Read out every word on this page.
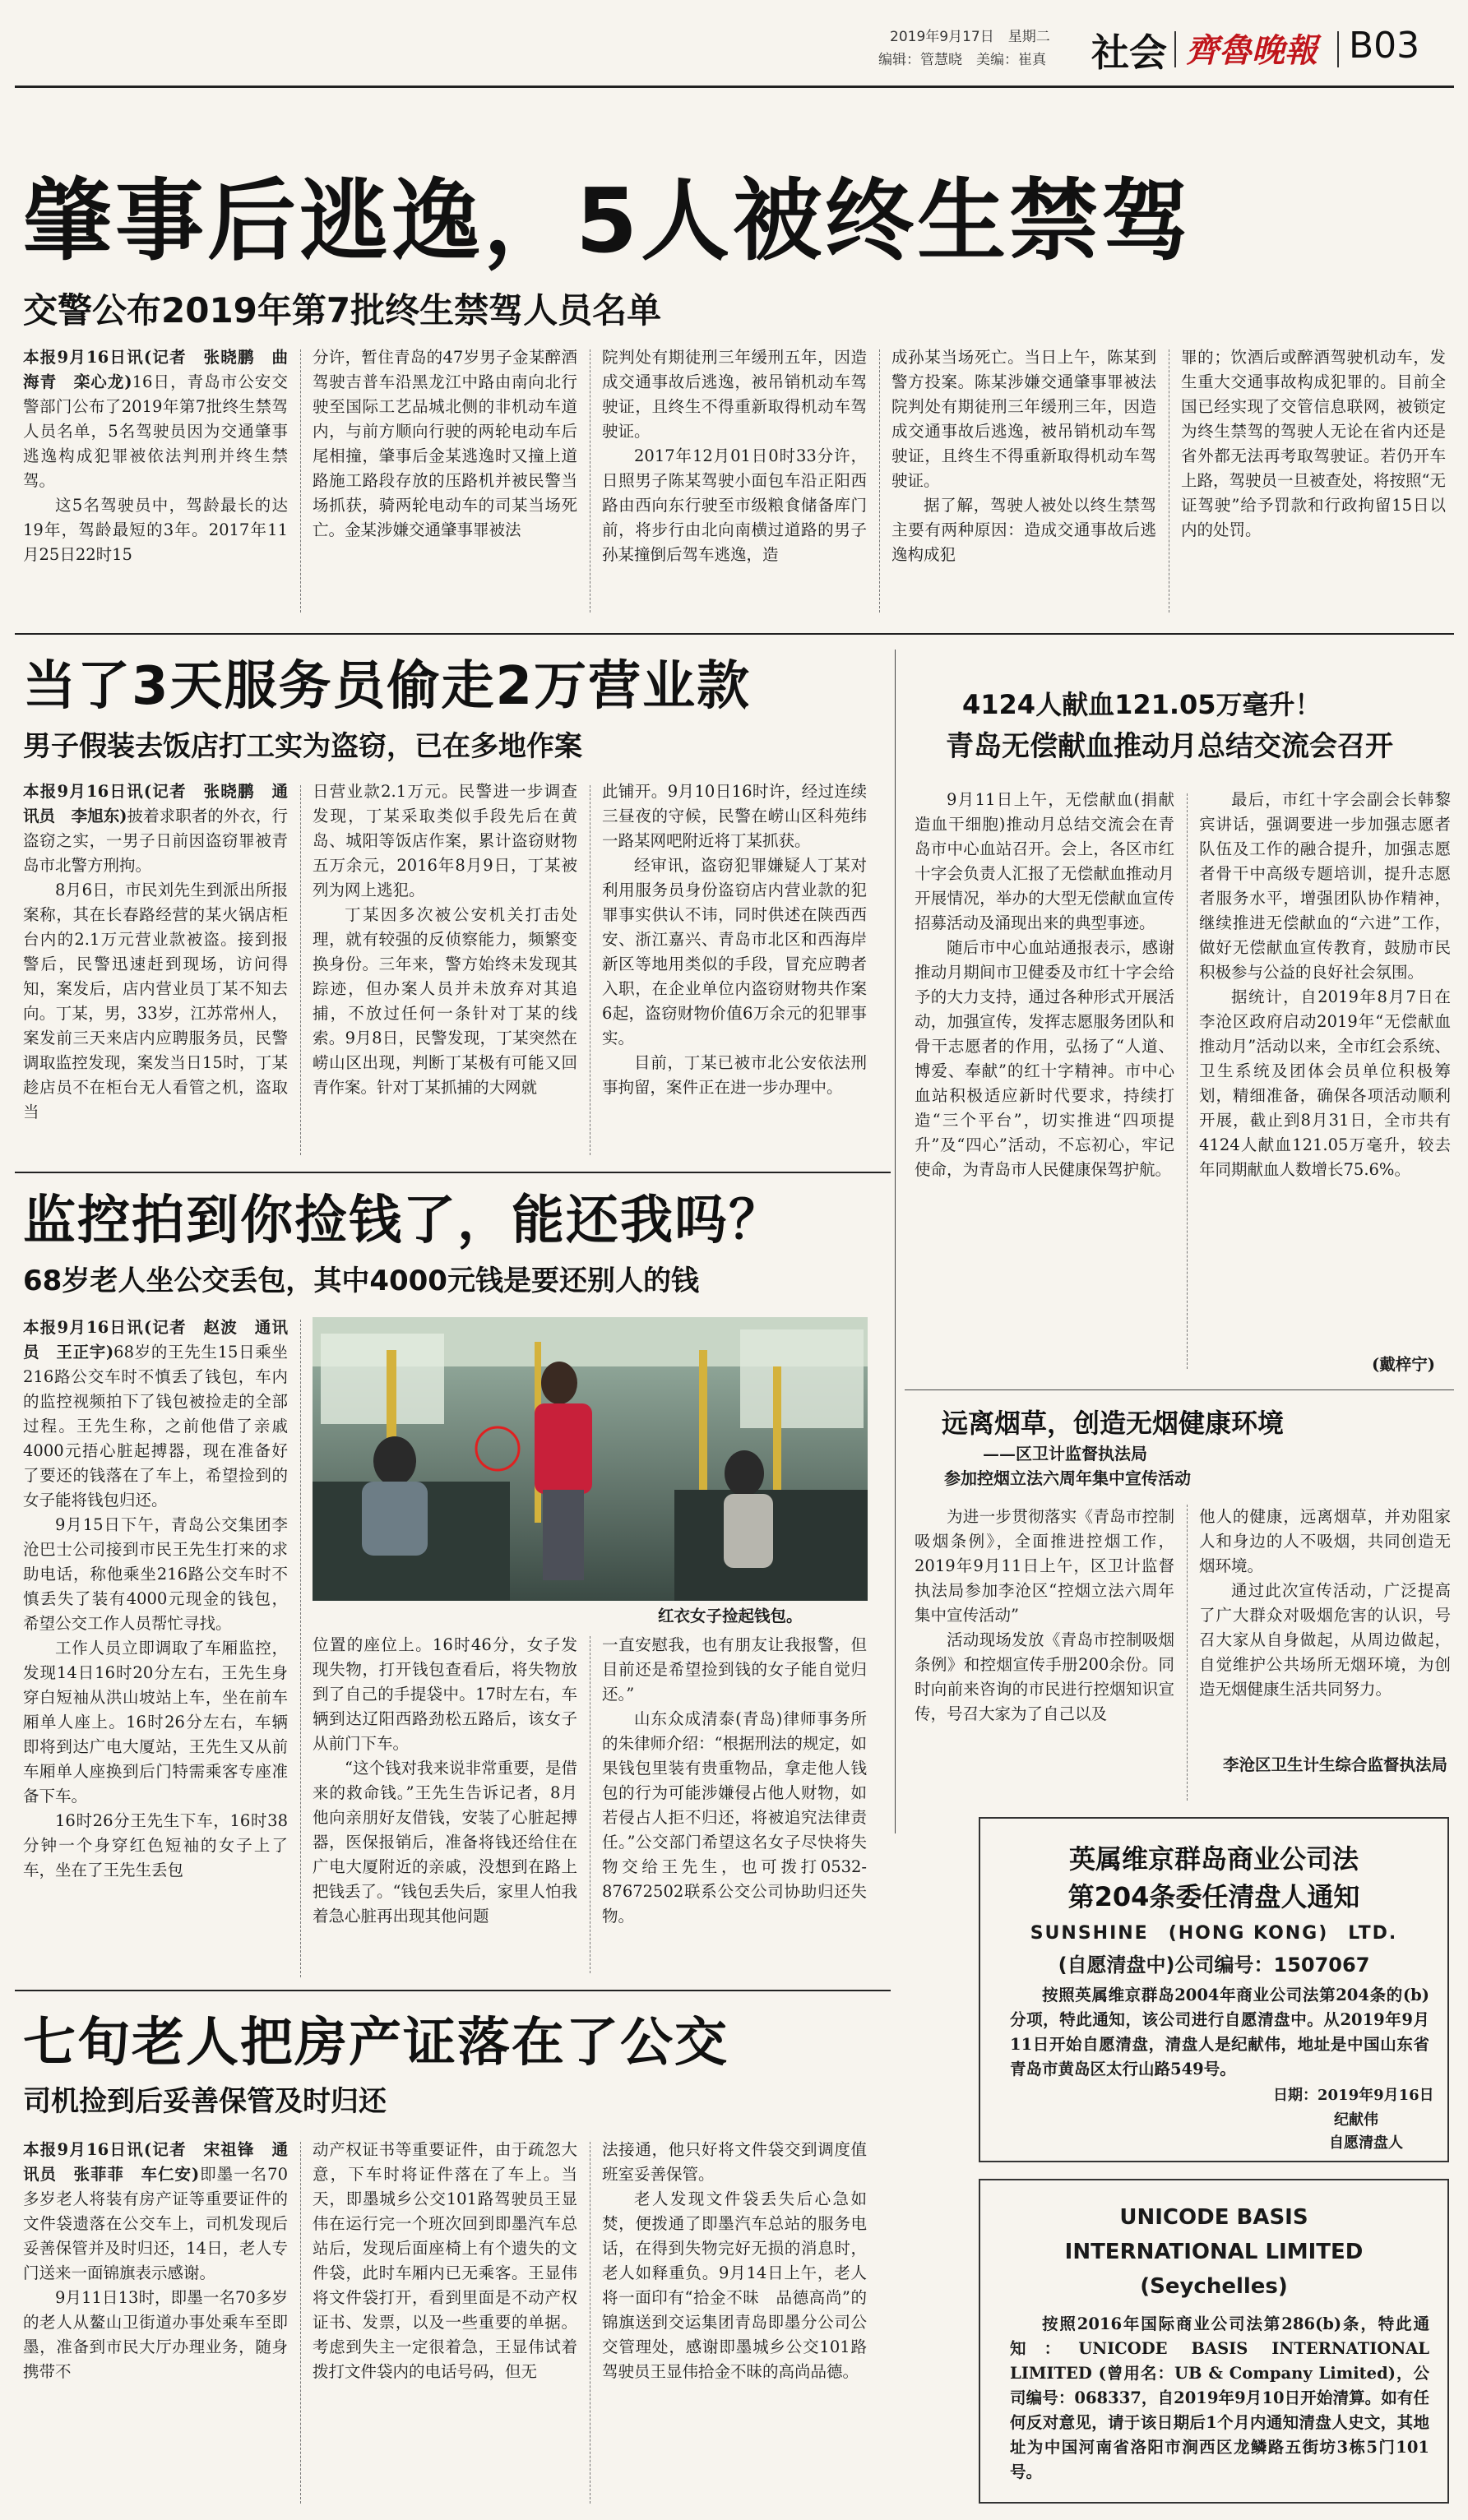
2019年9月17日　星期二
编辑：管慧晓　美编：崔真 社会 齊魯晚報 B03
肇事后逃逸，5人被终生禁驾
交警公布2019年第7批终生禁驾人员名单

本报9月16日讯(记者　张晓鹏　曲海青　栾心龙)16日，青岛市公安交警部门公布了2019年第7批终生禁驾人员名单，5名驾驶员因为交通肇事逃逸构成犯罪被依法判刑并终生禁驾。

这5名驾驶员中，驾龄最长的达19年，驾龄最短的3年。2017年11月25日22时15

分许，暂住青岛的47岁男子金某醉酒驾驶吉普车沿黑龙江中路由南向北行驶至国际工艺品城北侧的非机动车道内，与前方顺向行驶的两轮电动车后尾相撞，肇事后金某逃逸时又撞上道路施工路段存放的压路机并被民警当场抓获，骑两轮电动车的司某当场死亡。金某涉嫌交通肇事罪被法

院判处有期徒刑三年缓刑五年，因造成交通事故后逃逸，被吊销机动车驾驶证，且终生不得重新取得机动车驾驶证。

2017年12月01日0时33分许，日照男子陈某驾驶小面包车沿正阳西路由西向东行驶至市级粮食储备库门前，将步行由北向南横过道路的男子孙某撞倒后驾车逃逸，造

成孙某当场死亡。当日上午，陈某到警方投案。陈某涉嫌交通肇事罪被法院判处有期徒刑三年缓刑三年，因造成交通事故后逃逸，被吊销机动车驾驶证，且终生不得重新取得机动车驾驶证。

据了解，驾驶人被处以终生禁驾主要有两种原因：造成交通事故后逃逸构成犯

罪的；饮酒后或醉酒驾驶机动车，发生重大交通事故构成犯罪的。目前全国已经实现了交管信息联网，被锁定为终生禁驾的驾驶人无论在省内还是省外都无法再考取驾驶证。若仍开车上路，驾驶员一旦被查处，将按照“无证驾驶”给予罚款和行政拘留15日以内的处罚。

当了3天服务员偷走2万营业款
男子假装去饭店打工实为盗窃，已在多地作案

本报9月16日讯(记者　张晓鹏　通讯员　李旭东)披着求职者的外衣，行盗窃之实，一男子日前因盗窃罪被青岛市北警方刑拘。

8月6日，市民刘先生到派出所报案称，其在长春路经营的某火锅店柜台内的2.1万元营业款被盗。接到报警后，民警迅速赶到现场，访问得知，案发后，店内营业员丁某不知去向。丁某，男，33岁，江苏常州人，案发前三天来店内应聘服务员，民警调取监控发现，案发当日15时，丁某趁店员不在柜台无人看管之机，盗取当

日营业款2.1万元。民警进一步调查发现，丁某采取类似手段先后在黄岛、城阳等饭店作案，累计盗窃财物五万余元，2016年8月9日，丁某被列为网上逃犯。

丁某因多次被公安机关打击处理，就有较强的反侦察能力，频繁变换身份。三年来，警方始终未发现其踪迹，但办案人员并未放弃对其追捕，不放过任何一条针对丁某的线索。9月8日，民警发现，丁某突然在崂山区出现，判断丁某极有可能又回青作案。针对丁某抓捕的大网就

此铺开。9月10日16时许，经过连续三昼夜的守候，民警在崂山区科苑纬一路某网吧附近将丁某抓获。

经审讯，盗窃犯罪嫌疑人丁某对利用服务员身份盗窃店内营业款的犯罪事实供认不讳，同时供述在陕西西安、浙江嘉兴、青岛市北区和西海岸新区等地用类似的手段，冒充应聘者入职，在企业单位内盗窃财物共作案6起，盗窃财物价值6万余元的犯罪事实。

目前，丁某已被市北公安依法刑事拘留，案件正在进一步办理中。

4124人献血121.05万毫升！
青岛无偿献血推动月总结交流会召开

9月11日上午，无偿献血(捐献造血干细胞)推动月总结交流会在青岛市中心血站召开。会上，各区市红十字会负责人汇报了无偿献血推动月开展情况，举办的大型无偿献血宣传招募活动及涌现出来的典型事迹。

随后市中心血站通报表示，感谢推动月期间市卫健委及市红十字会给予的大力支持，通过各种形式开展活动，加强宣传，发挥志愿服务团队和骨干志愿者的作用，弘扬了“人道、博爱、奉献”的红十字精神。市中心血站积极适应新时代要求，持续打造“三个平台”，切实推进“四项提升”及“四心”活动，不忘初心，牢记使命，为青岛市人民健康保驾护航。

最后，市红十字会副会长韩黎宾讲话，强调要进一步加强志愿者队伍及工作的融合提升，加强志愿者骨干中高级专题培训，提升志愿者服务水平，增强团队协作精神，继续推进无偿献血的“六进”工作，做好无偿献血宣传教育，鼓励市民积极参与公益的良好社会氛围。

据统计，自2019年8月7日在李沧区政府启动2019年“无偿献血推动月”活动以来，全市红会系统、卫生系统及团体会员单位积极筹划，精细准备，确保各项活动顺利开展，截止到8月31日，全市共有4124人献血121.05万毫升，较去年同期献血人数增长75.6%。

(戴梓宁)
远离烟草，创造无烟健康环境
——区卫计监督执法局
参加控烟立法六周年集中宣传活动

为进一步贯彻落实《青岛市控制吸烟条例》，全面推进控烟工作，2019年9月11日上午，区卫计监督执法局参加李沧区“控烟立法六周年集中宣传活动”

活动现场发放《青岛市控制吸烟条例》和控烟宣传手册200余份。同时向前来咨询的市民进行控烟知识宣传，号召大家为了自己以及

他人的健康，远离烟草，并劝阻家人和身边的人不吸烟，共同创造无烟环境。

通过此次宣传活动，广泛提高了广大群众对吸烟危害的认识，号召大家从自身做起，从周边做起，自觉维护公共场所无烟环境，为创造无烟健康生活共同努力。

李沧区卫生计生综合监督执法局
监控拍到你捡钱了，能还我吗？
68岁老人坐公交丢包，其中4000元钱是要还别人的钱

本报9月16日讯(记者　赵波　通讯员　王正宇)68岁的王先生15日乘坐216路公交车时不慎丢了钱包，车内的监控视频拍下了钱包被捡走的全部过程。王先生称，之前他借了亲戚4000元捂心脏起搏器，现在准备好了要还的钱落在了车上，希望捡到的女子能将钱包归还。

9月15日下午，青岛公交集团李沧巴士公司接到市民王先生打来的求助电话，称他乘坐216路公交车时不慎丢失了装有4000元现金的钱包，希望公交工作人员帮忙寻找。

工作人员立即调取了车厢监控，发现14日16时20分左右，王先生身穿白短袖从洪山坡站上车，坐在前车厢单人座上。16时26分左右，车辆即将到达广电大厦站，王先生又从前车厢单人座换到后门特需乘客专座准备下车。

16时26分王先生下车，16时38分钟一个身穿红色短袖的女子上了车，坐在了王先生丢包

红衣女子捡起钱包。

位置的座位上。16时46分，女子发现失物，打开钱包查看后，将失物放到了自己的手提袋中。17时左右，车辆到达辽阳西路劲松五路后，该女子从前门下车。

“这个钱对我来说非常重要，是借来的救命钱。”王先生告诉记者，8月他向亲朋好友借钱，安装了心脏起搏器，医保报销后，准备将钱还给住在广电大厦附近的亲戚，没想到在路上把钱丢了。“钱包丢失后，家里人怕我着急心脏再出现其他问题

一直安慰我，也有朋友让我报警，但目前还是希望捡到钱的女子能自觉归还。”

山东众成清泰(青岛)律师事务所的朱律师介绍：“根据刑法的规定，如果钱包里装有贵重物品，拿走他人钱包的行为可能涉嫌侵占他人财物，如若侵占人拒不归还，将被追究法律责任。”公交部门希望这名女子尽快将失物交给王先生，也可拨打0532-87672502联系公交公司协助归还失物。

七旬老人把房产证落在了公交
司机捡到后妥善保管及时归还

本报9月16日讯(记者　宋祖锋　通讯员　张菲菲　车仁安)即墨一名70多岁老人将装有房产证等重要证件的文件袋遗落在公交车上，司机发现后妥善保管并及时归还，14日，老人专门送来一面锦旗表示感谢。

9月11日13时，即墨一名70多岁的老人从鳌山卫街道办事处乘车至即墨，准备到市民大厅办理业务，随身携带不

动产权证书等重要证件，由于疏忽大意，下车时将证件落在了车上。当天，即墨城乡公交101路驾驶员王显伟在运行完一个班次回到即墨汽车总站后，发现后面座椅上有个遗失的文件袋，此时车厢内已无乘客。王显伟将文件袋打开，看到里面是不动产权证书、发票，以及一些重要的单据。考虑到失主一定很着急，王显伟试着拨打文件袋内的电话号码，但无

法接通，他只好将文件袋交到调度值班室妥善保管。

老人发现文件袋丢失后心急如焚，便拨通了即墨汽车总站的服务电话，在得到失物完好无损的消息时，老人如释重负。9月14日上午，老人将一面印有“拾金不昧　品德高尚”的锦旗送到交运集团青岛即墨分公司公交管理处，感谢即墨城乡公交101路驾驶员王显伟拾金不昧的高尚品德。

英属维京群岛商业公司法
第204条委任清盘人通知
SUNSHINE　(HONG KONG)　LTD.
(自愿清盘中)公司编号：1507067
按照英属维京群岛2004年商业公司法第204条的(b)分项，特此通知，该公司进行自愿清盘中。从2019年9月11日开始自愿清盘，清盘人是纪献伟，地址是中国山东省青岛市黄岛区太行山路549号。
日期：2019年9月16日
纪献伟
自愿清盘人
UNICODE BASIS
INTERNATIONAL LIMITED
(Seychelles)
按照2016年国际商业公司法第286(b)条，特此通知：UNICODE BASIS INTERNATIONAL LIMITED (曾用名：UB & Company Limited)，公司编号：068337，自2019年9月10日开始清算。如有任何反对意见，请于该日期后1个月内通知清盘人史文，其地址为中国河南省洛阳市涧西区龙鳞路五街坊3栋5门101号。
